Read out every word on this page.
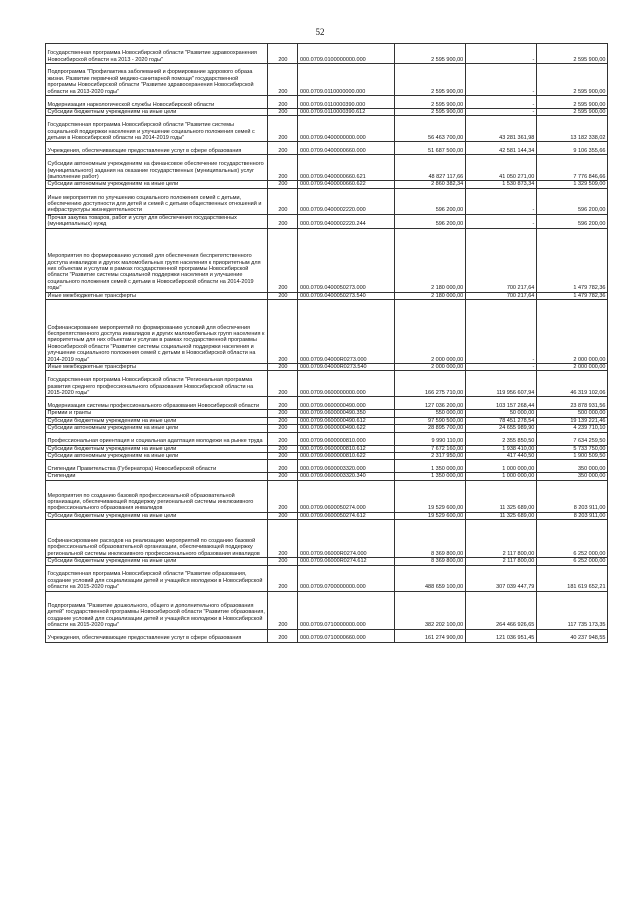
52
Государственная программа Новосибирской области "Развитие здравоохранения Новосибирской области на 2013 - 2020 годы"	200	000.0709.0100000000.000	2 595 900,00	-	2 595 900,00
Подпрограмма "Профилактика заболеваний и формирование здорового образа жизни. Развитие первичной медико-санитарной помощи" государственной программы Новосибирской области "Развитие здравоохранения Новосибирской области на 2013-2020 годы"	200	000.0709.0110000000.000	2 595 900,00	-	2 595 900,00
Модернизация наркологической службы Новосибирской области	200	000.0709.0110000390.000	2 595 900,00	-	2 595 900,00
Субсидии бюджетным учреждениям на иные цели	200	000.0709.0110000390.612	2 595 900,00	-	2 595 900,00
Государственная программа Новосибирской области "Развитие системы социальной поддержки населения и улучшение социального положения семей с детьми в Новосибирской области на 2014-2019 годы"	200	000.0709.0400000000.000	56 463 700,00	43 281 361,98	13 182 338,02
Учреждения, обеспечивающие предоставление услуг в сфере образования	200	000.0709.0400000660.000	51 687 500,00	42 581 144,34	9 106 355,66
Субсидии автономным учреждениям на финансовое обеспечение государственного (муниципального) задания на оказание государственных (муниципальных) услуг (выполнение работ)	200	000.0709.0400000660.621	48 827 117,66	41 050 271,00	7 776 846,66
Субсидии автономным учреждениям на иные цели	200	000.0709.0400000660.622	2 860 382,34	1 530 873,34	1 329 509,00
Иные мероприятия по улучшению социального положения семей с детьми, обеспечению доступности для детей и семей с детьми общественных отношений и инфраструктуры жизнедеятельности	200	000.0709.0400002220.000	596 200,00	-	596 200,00
Прочая закупка товаров, работ и услуг для обеспечения государственных (муниципальных) нужд	200	000.0709.0400002220.244	596 200,00	-	596 200,00
Мероприятия по формированию условий для обеспечения беспрепятственного доступа инвалидов и других маломобильных групп населения к приоритетным для них объектам и услугам в рамках государственной программы Новосибирской области "Развитие системы социальной поддержки населения и улучшение социального положения семей с детьми в Новосибирской области на 2014-2019 годы"	200	000.0709.0400050273.000	2 180 000,00	700 217,64	1 479 782,36
Иные межбюджетные трансферты	200	000.0709.0400050273.540	2 180 000,00	700 217,64	1 479 782,36
Софинансирование мероприятий по формированию условий для обеспечения беспрепятственного доступа инвалидов и других маломобильных групп населения к приоритетным для них объектам и услугам в рамках государственной программы Новосибирской области "Развитие системы социальной поддержки населения и улучшение социального положения семей с детьми в Новосибирской области на 2014-2019 годы"	200	000.0709.04000R0273.000	2 000 000,00	-	2 000 000,00
Иные межбюджетные трансферты	200	000.0709.04000R0273.540	2 000 000,00	-	2 000 000,00
Государственная программа Новосибирской области "Региональная программа развития среднего профессионального образования Новосибирской области на 2015-2020 годы"	200	000.0709.0600000000.000	166 275 710,00	119 956 607,94	46 319 102,06
Модернизация системы профессионального образования Новосибирской области	200	000.0709.0600000490.000	127 036 200,00	103 157 268,44	23 878 931,56
Премии и гранты	200	000.0709.0600000490.350	550 000,00	50 000,00	500 000,00
Субсидии бюджетным учреждениям на иные цели	200	000.0709.0600000490.612	97 590 500,00	78 451 278,54	19 139 221,46
Субсидии автономным учреждениям на иные цели	200	000.0709.0600000490.622	28 895 700,00	24 655 989,90	4 239 710,10
Профессиональная ориентация и социальная адаптация молодежи на рынке труда	200	000.0709.0600000810.000	9 990 110,00	2 355 850,50	7 634 259,50
Субсидии бюджетным учреждениям на иные цели	200	000.0709.0600000810.612	7 672 160,00	1 938 410,00	5 733 750,00
Субсидии автономным учреждениям на иные цели	200	000.0709.0600000810.622	2 317 950,00	417 440,50	1 900 509,50
Стипендии Правительства (Губернатора) Новосибирской области	200	000.0709.0600003320.000	1 350 000,00	1 000 000,00	350 000,00
Стипендии	200	000.0709.0600003320.340	1 350 000,00	1 000 000,00	350 000,00
Мероприятия по созданию базовой профессиональной образовательной организации, обеспечивающей поддержку региональной системы инклюзивного профессионального образования инвалидов	200	000.0709.0600050274.000	19 529 600,00	11 325 689,00	8 203 911,00
Субсидии бюджетным учреждениям на иные цели	200	000.0709.0600050274.612	19 529 600,00	11 325 689,00	8 203 911,00
Софинансирование расходов на реализацию мероприятий по созданию базовой профессиональной образовательной организации, обеспечивающей поддержку региональной системы инклюзивного профессионального образования инвалидов	200	000.0709.06000R0274.000	8 369 800,00	2 117 800,00	6 252 000,00
Субсидии бюджетным учреждениям на иные цели	200	000.0709.06000R0274.612	8 369 800,00	2 117 800,00	6 252 000,00
Государственная программа Новосибирской области "Развитие образования, создание условий для социализации детей и учащейся молодежи в Новосибирской области на 2015-2020 годы"	200	000.0709.0700000000.000	488 659 100,00	307 039 447,79	181 619 652,21
Подпрограмма "Развитие дошкольного, общего и дополнительного образования детей" государственной программы Новосибирской области "Развитие образования, создание условий для социализации детей и учащейся молодежи в Новосибирской области на 2015-2020 годы"	200	000.0709.0710000000.000	382 202 100,00	264 466 926,65	117 735 173,35
Учреждения, обеспечивающие предоставление услуг в сфере образования	200	000.0709.0710000660.000	161 274 900,00	121 036 951,45	40 237 948,55
